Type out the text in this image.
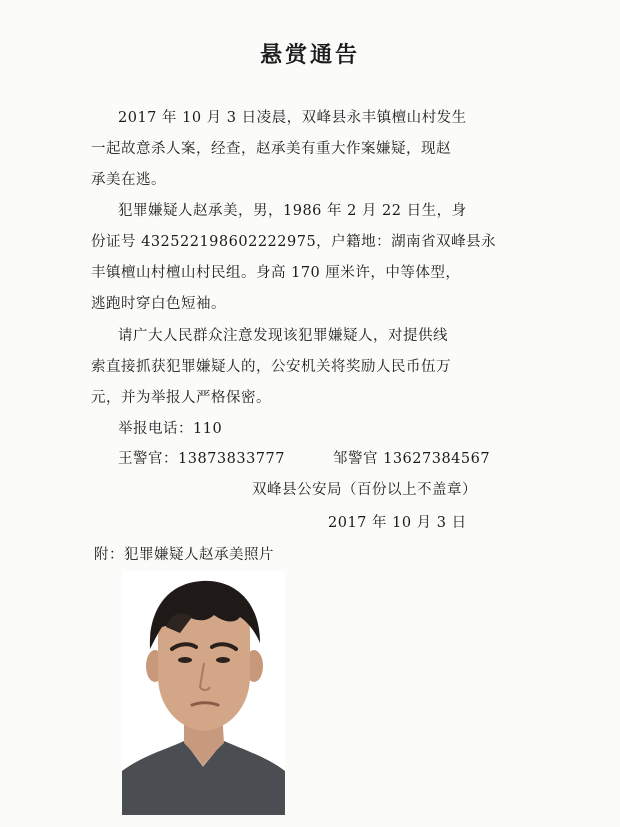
悬赏通告
2017 年 10 月 3 日凌晨，双峰县永丰镇檀山村发生
一起故意杀人案，经查，赵承美有重大作案嫌疑，现赵
承美在逃。
犯罪嫌疑人赵承美，男，1986 年 2 月 22 日生，身
份证号 432522198602222975，户籍地：湖南省双峰县永
丰镇檀山村檀山村民组。身高 170 厘米许，中等体型，
逃跑时穿白色短袖。
请广大人民群众注意发现该犯罪嫌疑人，对提供线
索直接抓获犯罪嫌疑人的，公安机关将奖励人民币伍万
元，并为举报人严格保密。
举报电话：110
王警官：13873833777	邹警官 13627384567
双峰县公安局（百份以上不盖章）
2017 年 10 月 3 日
附：犯罪嫌疑人赵承美照片
